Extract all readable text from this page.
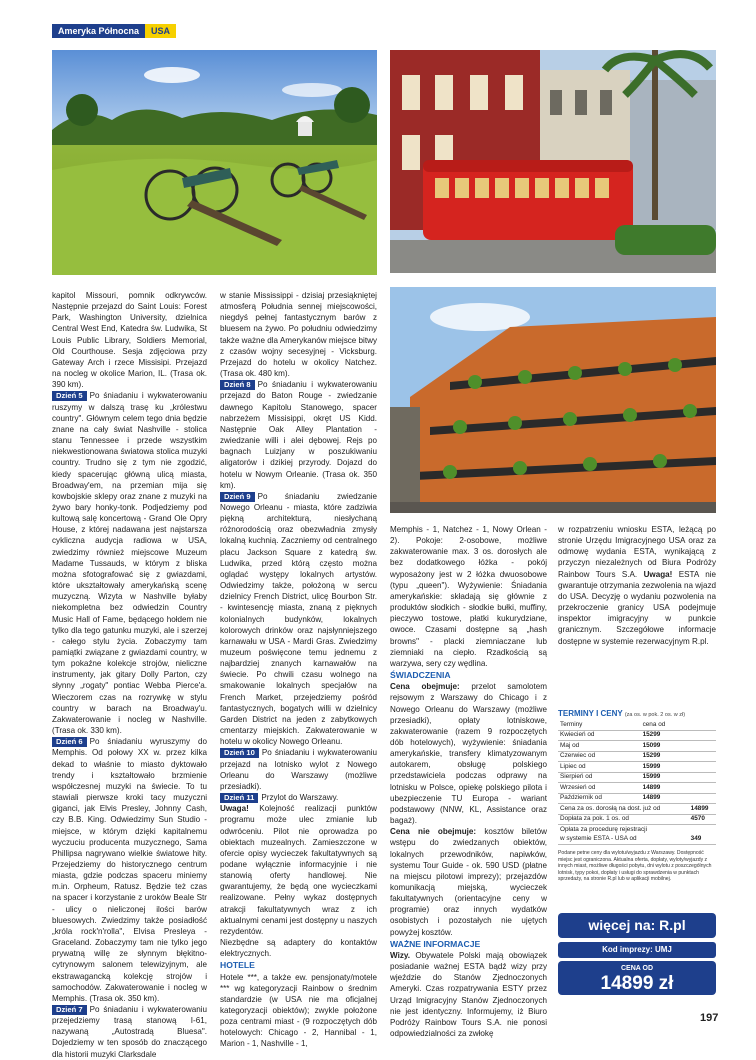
Ameryka Północna	USA

kapitol Missouri, pomnik odkrywców. Następnie przejazd do Saint Louis: Forest Park, Washington University, dzielnica Central West End, Katedra św. Ludwika, St Louis Public Library, Soldiers Memorial, Old Courthouse. Sesja zdjęciowa przy Gateway Arch i rzece Missisipi. Przejazd na nocleg w okolice Marion, IL. (Trasa ok. 390 km).

Dzień 5 Po śniadaniu i wykwaterowaniu ruszymy w dalszą trasę ku „królestwu country". Głównym celem tego dnia będzie znane na cały świat Nashville - stolica stanu Tennessee i przede wszystkim niekwestionowana światowa stolica muzyki country. Trudno się z tym nie zgodzić, kiedy spacerując główną ulicą miasta, Broadway'em, na przemian mija się kowbojskie sklepy oraz znane z muzyki na żywo bary honky-tonk. Podjedziemy pod kultową salę koncertową - Grand Ole Opry House, z której nadawana jest najstarsza cykliczna audycja radiowa w USA, zwiedzimy również miejscowe Muzeum Madame Tussauds, w którym z bliska można sfotografować się z gwiazdami, które ukształtowały amerykańską scenę muzyczną. Wizyta w Nashville byłaby niekompletna bez odwiedzin Country Music Hall of Fame, będącego hołdem nie tylko dla tego gatunku muzyki, ale i szerzej - całego stylu życia. Zobaczymy tam pamiątki związane z gwiazdami country, w tym pokaźne kolekcje strojów, nieliczne instrumenty, jak gitary Dolly Parton, czy słynny „rogaty" pontiac Webba Pierce'a. Wieczorem czas na rozrywkę w stylu country w barach na Broadway'u. Zakwaterowanie i nocleg w Nashville. (Trasa ok. 330 km).

Dzień 6 Po śniadaniu wyruszymy do Memphis. Od połowy XX w. przez kilka dekad to właśnie to miasto dyktowało trendy i kształtowało brzmienie współczesnej muzyki na świecie. To tu stawiali pierwsze kroki tacy muzyczni giganci, jak Elvis Presley, Johnny Cash, czy B.B. King. Odwiedzimy Sun Studio - miejsce, w którym dzięki kapitalnemu wyczuciu producenta muzycznego, Sama Phillipsa nagrywano wielkie światowe hity. Przejedziemy do historycznego centrum miasta, gdzie podczas spaceru miniemy m.in. Orpheum, Ratusz. Będzie też czas na spacer i korzystanie z uroków Beale Str - ulicy o nieliczonej ilości barów bluesowych. Zwiedzimy także posiadłość „króla rock'n'rolla", Elvisa Presleya - Graceland. Zobaczymy tam nie tylko jego prywatną willę ze słynnym błękitno-cytrynowym salonem telewizyjnym, ale ekstrawagancką kolekcję strojów i samochodów. Zakwaterowanie i nocleg w Memphis. (Trasa ok. 350 km).

Dzień 7 Po śniadaniu i wykwaterowaniu przejedziemy trasą stanową I-61, nazywaną „Autostradą Bluesa". Dojedziemy w ten sposób do znaczącego dla historii muzyki Clarksdale

w stanie Mississippi - dzisiaj przesiąkniętej atmosferą Południa sennej miejscowości, niegdyś pełnej fantastycznym barów z bluesem na żywo. Po południu odwiedzimy także ważne dla Amerykanów miejsce bitwy z czasów wojny secesyjnej - Vicksburg. Przejazd do hotelu w okolicy Natchez. (Trasa ok. 480 km).

Dzień 8 Po śniadaniu i wykwaterowaniu przejazd do Baton Rouge - zwiedzanie dawnego Kapitolu Stanowego, spacer nabrzeżem Missisippi, okręt US Kidd. Następnie Oak Alley Plantation - zwiedzanie willi i alei dębowej. Rejs po bagnach Luizjany w poszukiwaniu aligatorów i dzikiej przyrody. Dojazd do hotelu w Nowym Orleanie. (Trasa ok. 350 km).

Dzień 9 Po śniadaniu zwiedzanie Nowego Orleanu - miasta, które zadziwia piękną architekturą, niesłychaną różnorodością oraz obezwładnia zmysły lokalną kuchnią. Zaczniemy od centralnego placu Jackson Square z katedrą św. Ludwika, przed którą często można oglądać występy lokalnych artystów. Odwiedzimy także, położoną w sercu dzielnicy French District, ulicę Bourbon Str. - kwintesencję miasta, znaną z pięknych kolonialnych budynków, lokalnych kolorowych drinków oraz najsłynniejszego karnawału w USA - Mardi Gras. Zwiedzimy muzeum poświęcone temu jednemu z najbardziej znanych karnawałów na świecie. Po chwili czasu wolnego na smakowanie lokalnych specjałów na French Market, przejedziemy pośród fantastycznych, bogatych willi w dzielnicy Garden District na jeden z zabytkowych cmentarzy miejskich. Zakwaterowanie w hotelu w okolicy Nowego Orleanu.

Dzień 10 Po śniadaniu i wykwaterowaniu przejazd na lotnisko wylot z Nowego Orleanu do Warszawy (możliwe przesiadki).

Dzień 11 Przylot do Warszawy.

Uwaga! Kolejność realizacji punktów programu może ulec zmianie lub odwróceniu. Pilot nie oprowadza po obiektach muzealnych. Zamieszczone w ofercie opisy wycieczek fakultatywnych są podane wyłącznie informacyjnie i nie stanowią oferty handlowej. Nie gwarantujemy, że będą one wycieczkami realizowane. Pełny wykaz dostępnych atrakcji fakultatywnych wraz z ich aktualnymi cenami jest dostępny u naszych rezydentów.

Niezbędne są adaptery do kontaktów elektrycznych.

HOTELE

Hotele ***, a także ew. pensjonaty/motele *** wg kategoryzacji Rainbow o średnim standardzie (w USA nie ma oficjalnej kategoryzacji obiektów); zwykle położone poza centrami miast - (9 rozpoczętych dób hotelowych: Chicago - 2, Hannibal - 1, Marion - 1, Nashville - 1,

Memphis - 1, Natchez - 1, Nowy Orlean - 2). Pokoje: 2-osobowe, możliwe zakwaterowanie max. 3 os. dorosłych ale bez dodatkowego łóżka - pokój wyposażony jest w 2 łóżka dwuosobowe (typu „queen"). Wyżywienie: Śniadania amerykańskie: składają się głównie z produktów słodkich - słodkie bułki, muffiny, pieczywo tostowe, płatki kukurydziane, owoce. Czasami dostępne są „hash browns" - placki ziemniaczane lub ziemniaki na ciepło. Rzadkością są warzywa, sery czy wędlina.

ŚWIADCZENIA

Cena obejmuje: przelot samolotem rejsowym z Warszawy do Chicago i z Nowego Orleanu do Warszawy (możliwe przesiadki), opłaty lotniskowe, zakwaterowanie (razem 9 rozpoczętych dób hotelowych), wyżywienie: śniadania amerykańskie, transfery klimatyzowanym autokarem, obsługę polskiego przedstawiciela podczas odprawy na lotnisku w Polsce, opiekę polskiego pilota i ubezpieczenie TU Europa - wariant podstawowy (NNW, KL, Assistance oraz bagaż).

Cena nie obejmuje: kosztów biletów wstępu do zwiedzanych obiektów, lokalnych przewodników, napiwków, systemu Tour Guide - ok. 590 USD (płatne na miejscu pilotowi imprezy); przejazdów komunikacją miejską, wycieczek fakultatywnych (orientacyjne ceny w programie) oraz innych wydatków osobistych i pozostałych nie ujętych powyżej kosztów.

WAŻNE INFORMACJE

Wizy. Obywatele Polski mają obowiązek posiadanie ważnej ESTA bądź wizy przy wjeździe do Stanów Zjednoczonych Ameryki. Czas rozpatrywania ESTY przez Urząd Imigracyjny Stanów Zjednoczonych nie jest identyczny. Informujemy, iż Biuro Podróży Rainbow Tours S.A. nie ponosi odpowiedzialności za zwłokę

w rozpatrzeniu wniosku ESTA, leżącą po stronie Urzędu Imigracyjnego USA oraz za odmowę wydania ESTA, wynikającą z przyczyn niezależnych od Biura Podróży Rainbow Tours S.A. Uwaga! ESTA nie gwarantuje otrzymania zezwolenia na wjazd do USA. Decyzję o wydaniu pozwolenia na przekroczenie granicy USA podejmuje inspektor imigracyjny w punkcie granicznym. Szczegółowe informacje dostępne w systemie rezerwacyjnym R.pl.

TERMINY I CENY (za os. w pok. 2 os. w zł)
Terminy	cena od	
Kwiecień od	15299	
Maj od	15099	
Czerwiec od	15299	
Lipiec od	15999	
Sierpień od	15999	
Wrzesień od	14899	
Październik od	14899	
Cena za os. dorosłą na dost. już od		14899
Dopłata za pok. 1 os. od		4570
Opłata za procedurę rejestracji		
w systemie ESTA - USA od		349
Podane petne ceny dla wylotu/wyjazdu z Warszawy. Dostępność miejsc jest ograniczona. Aktualna oferta, dopłaty, wyloty/wyjazdy z innych miast, możliwe długości pobytu, dni wylotu z poszczególnych lotnisk, typy pokoi, dopłaty i usługi do sprawdzenia w punktach sprzedaży, na stronie R.pl lub w aplikacji mobilnej.
więcej na: R.pl
Kod imprezy: UMJ
CENA OD
14899 zł
197
